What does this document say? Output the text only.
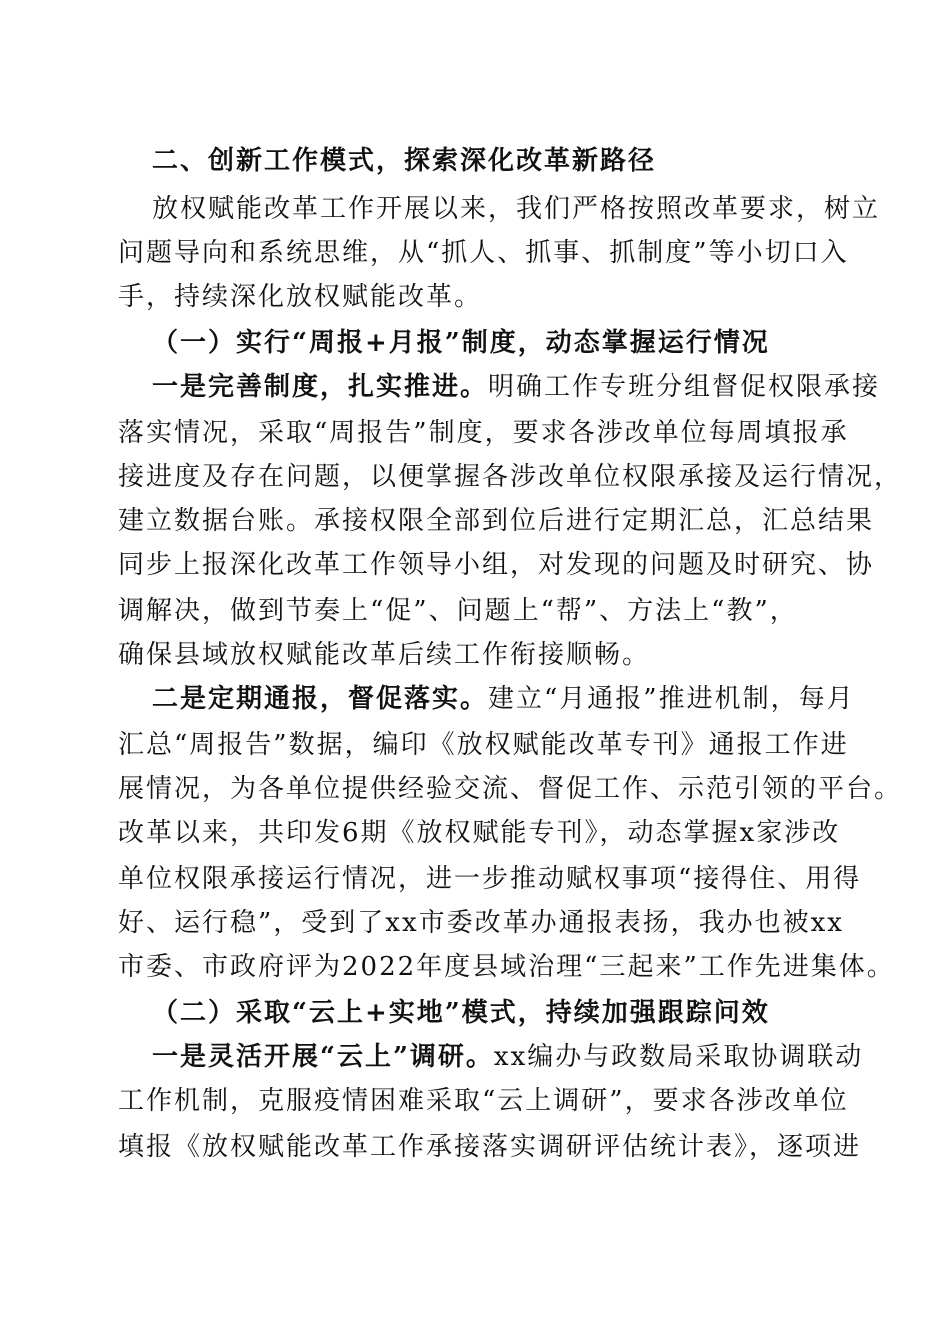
二、创新工作模式，探索深化改革新路径
放权赋能改革工作开展以来，我们严格按照改革要求，树立
问题导向和系统思维，从“抓人、抓事、抓制度”等小切口入
手，持续深化放权赋能改革。
（一）实行“周报+月报”制度，动态掌握运行情况
一是完善制度，扎实推进。明确工作专班分组督促权限承接
落实情况，采取“周报告”制度，要求各涉改单位每周填报承
接进度及存在问题，以便掌握各涉改单位权限承接及运行情况，
建立数据台账。承接权限全部到位后进行定期汇总，汇总结果
同步上报深化改革工作领导小组，对发现的问题及时研究、协
调解决，做到节奏上“促”、问题上“帮”、方法上“教”，
确保县域放权赋能改革后续工作衔接顺畅。
二是定期通报，督促落实。建立“月通报”推进机制，每月
汇总“周报告”数据，编印《放权赋能改革专刊》通报工作进
展情况，为各单位提供经验交流、督促工作、示范引领的平台。
改革以来，共印发6期《放权赋能专刊》，动态掌握x家涉改
单位权限承接运行情况，进一步推动赋权事项“接得住、用得
好、运行稳”，受到了xx市委改革办通报表扬，我办也被xx
市委、市政府评为2022年度县域治理“三起来”工作先进集体。
（二）采取“云上+实地”模式，持续加强跟踪问效
一是灵活开展“云上”调研。xx编办与政数局采取协调联动
工作机制，克服疫情困难采取“云上调研”，要求各涉改单位
填报《放权赋能改革工作承接落实调研评估统计表》，逐项进
